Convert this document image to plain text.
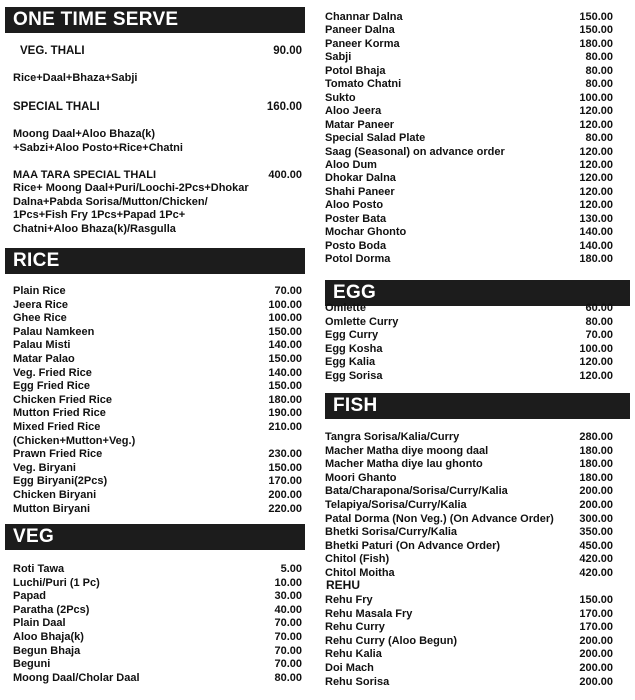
ONE TIME SERVE
VEG. THALI	90.00
Rice+Daal+Bhaza+Sabji
SPECIAL THALI	160.00
Moong Daal+Aloo Bhaza(k)
+Sabzi+Aloo Posto+Rice+Chatni
MAA TARA SPECIAL THALI	400.00
Rice+ Moong Daal+Puri/Loochi-2Pcs+Dhokar
Dalna+Pabda Sorisa/Mutton/Chicken/
1Pcs+Fish Fry 1Pcs+Papad 1Pc+
Chatni+Aloo Bhaza(k)/Rasgulla
RICE
Plain Rice	70.00
Jeera Rice	100.00
Ghee Rice	100.00
Palau Namkeen	150.00
Palau Misti	140.00
Matar Palao	150.00
Veg. Fried Rice	140.00
Egg Fried Rice	150.00
Chicken Fried Rice	180.00
Mutton Fried Rice	190.00
Mixed Fried Rice	210.00
(Chicken+Mutton+Veg.)
Prawn Fried Rice	230.00
Veg. Biryani	150.00
Egg Biryani(2Pcs)	170.00
Chicken Biryani	200.00
Mutton Biryani	220.00
VEG
Roti Tawa	5.00
Luchi/Puri (1 Pc)	10.00
Papad	30.00
Paratha (2Pcs)	40.00
Plain Daal	70.00
Aloo Bhaja(k)	70.00
Begun Bhaja	70.00
Beguni	70.00
Moong Daal/Cholar Daal	80.00
Channar Dalna	150.00
Paneer Dalna	150.00
Paneer Korma	180.00
Sabji	80.00
Potol Bhaja	80.00
Tomato Chatni	80.00
Sukto	100.00
Aloo Jeera	120.00
Matar Paneer	120.00
Special Salad Plate	80.00
Saag (Seasonal) on advance order	120.00
Aloo Dum	120.00
Dhokar Dalna	120.00
Shahi Paneer	120.00
Aloo Posto	120.00
Poster Bata	130.00
Mochar Ghonto	140.00
Posto Boda	140.00
Potol Dorma	180.00
EGG
Omlette	60.00
Omlette Curry	80.00
Egg Curry	70.00
Egg Kosha	100.00
Egg Kalia	120.00
Egg Sorisa	120.00
FISH
Tangra Sorisa/Kalia/Curry	280.00
Macher Matha diye moong daal	180.00
Macher Matha diye lau ghonto	180.00
Moori Ghanto	180.00
Bata/Charapona/Sorisa/Curry/Kalia	200.00
Telapiya/Sorisa/Curry/Kalia	200.00
Patal Dorma (Non Veg.) (On Advance Order) 300.00
Bhetki Sorisa/Curry/Kalia	350.00
Bhetki Paturi (On Advance Order)	450.00
Chitol (Fish)	420.00
Chitol Moitha	420.00
REHU
Rehu Fry	150.00
Rehu Masala Fry	170.00
Rehu Curry	170.00
Rehu Curry (Aloo Begun)	200.00
Rehu Kalia	200.00
Doi Mach	200.00
Rehu Sorisa	200.00
